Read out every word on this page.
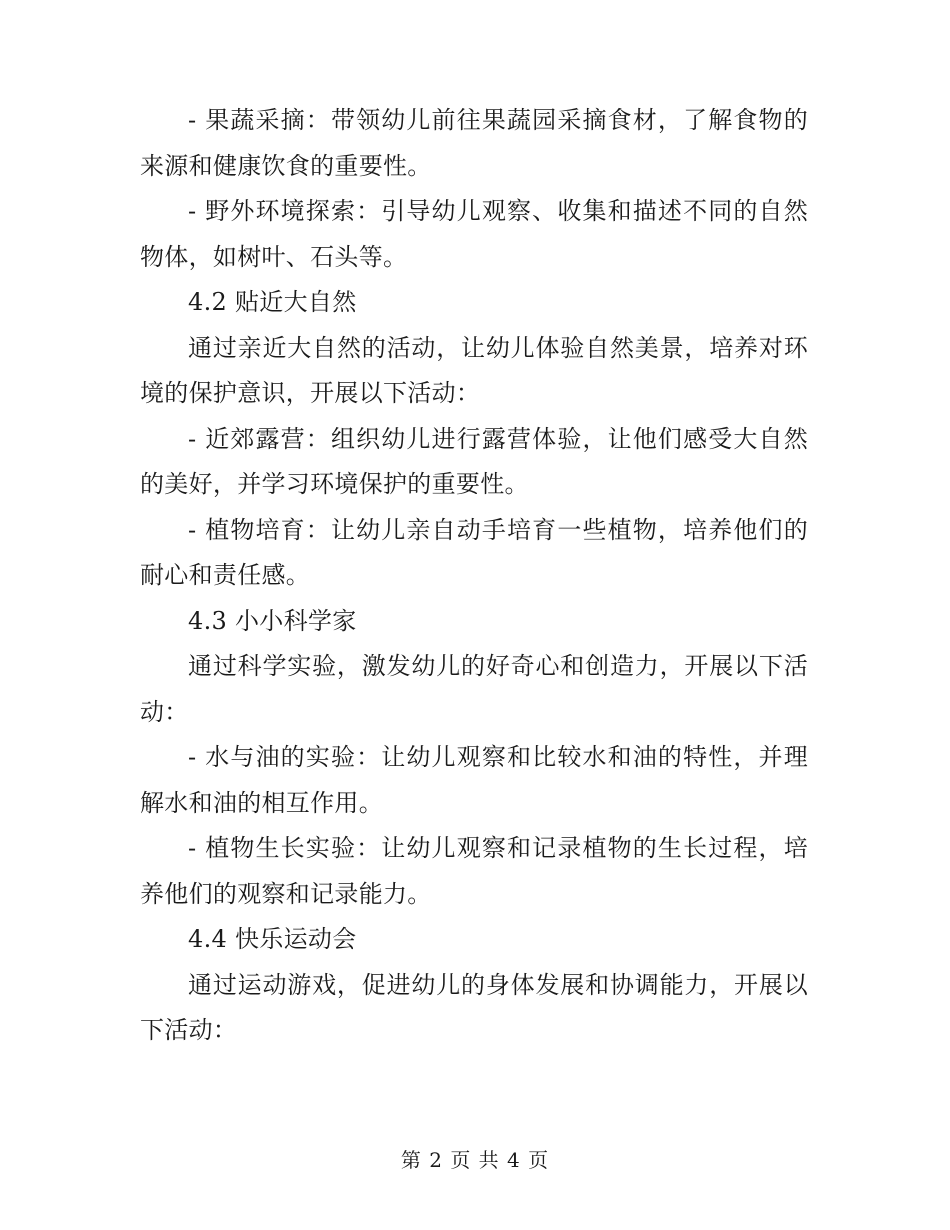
- 果蔬采摘：带领幼儿前往果蔬园采摘食材，了解食物的来源和健康饮食的重要性。

- 野外环境探索：引导幼儿观察、收集和描述不同的自然物体，如树叶、石头等。

4.2 贴近大自然

通过亲近大自然的活动，让幼儿体验自然美景，培养对环境的保护意识，开展以下活动：

- 近郊露营：组织幼儿进行露营体验，让他们感受大自然的美好，并学习环境保护的重要性。

- 植物培育：让幼儿亲自动手培育一些植物，培养他们的耐心和责任感。

4.3 小小科学家

通过科学实验，激发幼儿的好奇心和创造力，开展以下活动：

- 水与油的实验：让幼儿观察和比较水和油的特性，并理解水和油的相互作用。

- 植物生长实验：让幼儿观察和记录植物的生长过程，培养他们的观察和记录能力。

4.4 快乐运动会

通过运动游戏，促进幼儿的身体发展和协调能力，开展以下活动：

第 2 页 共 4 页
